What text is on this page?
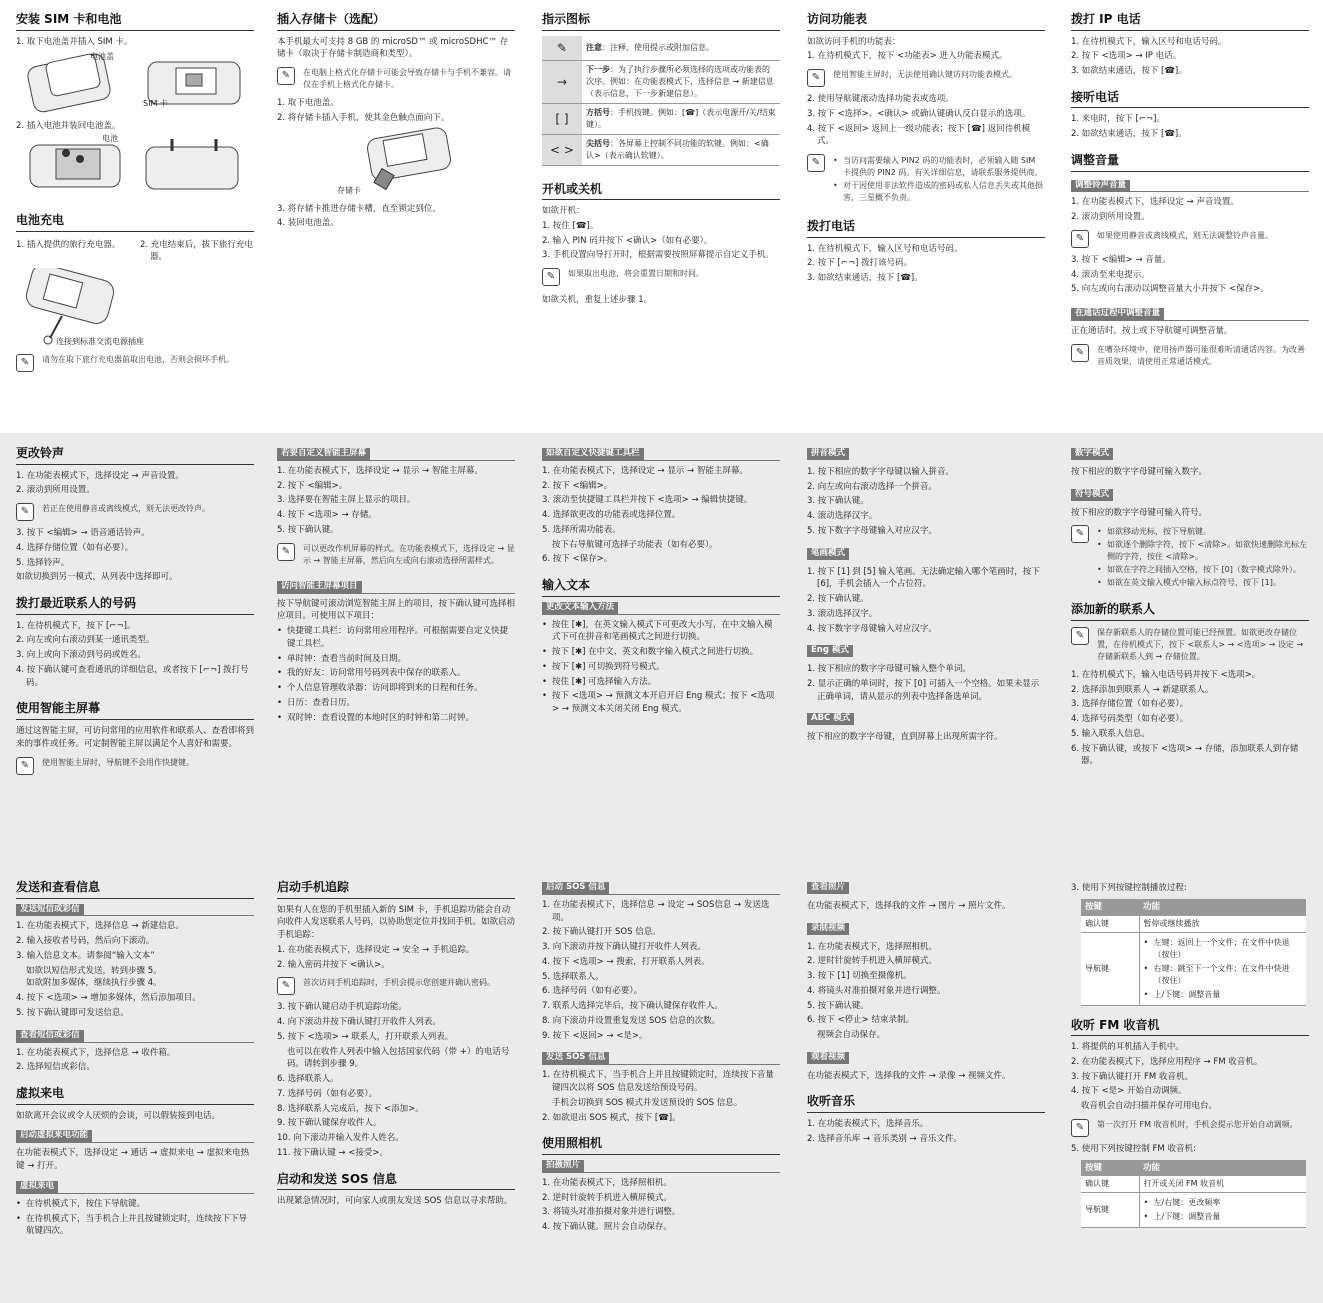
安装 SIM 卡和电池
1. 取下电池盖并插入 SIM 卡。
电池盖
SIM 卡
2. 插入电池并装回电池盖。
电池
电池充电
1. 插入提供的旅行充电器。	2. 充电结束后，拔下旅行充电器。
连接到标准交流电源插座
✎	请勿在取下旅行充电器前取出电池，否则会损坏手机。
插入存储卡（选配）
本手机最大可支持 8 GB 的 microSD™ 或 microSDHC™ 存储卡（取决于存储卡制造商和类型）。
✎	在电脑上格式化存储卡可能会导致存储卡与手机不兼容。请仅在手机上格式化存储卡。
1. 取下电池盖。
2. 将存储卡插入手机，使其金色触点面向下。
存储卡
3. 将存储卡推进存储卡槽，直至锁定到位。
4. 装回电池盖。
指示图标
✎	注意：注释、使用提示或附加信息。
→	下一步：为了执行步骤所必须选择的选项或功能表的次序。例如：在功能表模式下，选择信息 → 新建信息（表示信息，下一步新建信息）。
[ ]	方括号：手机按键。例如：[☎]（表示电源开/关/结束键）。
< >	尖括号：各屏幕上控制不同功能的软键。例如：<确认>（表示确认软键）。
开机或关机
如欲开机：
1. 按住 [☎]。
2. 输入 PIN 码并按下 <确认>（如有必要）。
3. 手机设置向导打开时，根据需要按照屏幕提示自定义手机。
✎	如果取出电池，将会重置日期和时间。
如欲关机，重复上述步骤 1。
访问功能表
如欲访问手机的功能表：
1. 在待机模式下，按下 <功能表> 进入功能表模式。
✎	使用智能主屏时，无法使用确认键访问功能表模式。
2. 使用导航键滚动选择功能表或选项。
3. 按下 <选择>、<确认> 或确认键确认反白显示的选项。
4. 按下 <返回> 返回上一级功能表；按下 [☎] 返回待机模式。
✎	• 当访问需要输入 PIN2 码的功能表时，必须输入随 SIM 卡提供的 PIN2 码。有关详细信息，请联系服务提供商。
• 对于因使用非法软件造成的密码或私人信息丢失或其他损害，三星概不负责。
拨打电话
1. 在待机模式下，输入区号和电话号码。
2. 按下 [⌐¬] 拨打该号码。
3. 如欲结束通话，按下 [☎]。
拨打 IP 电话
1. 在待机模式下，输入区号和电话号码。
2. 按下 <选项> → IP 电话。
3. 如欲结束通话，按下 [☎]。
接听电话
1. 来电时，按下 [⌐¬]。
2. 如欲结束通话，按下 [☎]。
调整音量
调整铃声音量
1. 在功能表模式下，选择设定 → 声音设置。
2. 滚动到所用设置。
✎	如果使用静音或离线模式，则无法调整铃声音量。
3. 按下 <编辑> → 音量。
4. 滚动至来电提示。
5. 向左或向右滚动以调整音量大小并按下 <保存>。
在通话过程中调整音量
正在通话时，按上或下导航键可调整音量。
✎	在嘈杂环境中，使用扬声器可能很难听清通话内容。为改善音质效果，请使用正常通话模式。
更改铃声
1. 在功能表模式下，选择设定 → 声音设置。
2. 滚动到所用设置。
✎	若正在使用静音或离线模式，则无法更改铃声。
3. 按下 <编辑> → 语音通话铃声。
4. 选择存储位置（如有必要）。
5. 选择铃声。
如欲切换到另一模式，从列表中选择即可。
拨打最近联系人的号码
1. 在待机模式下，按下 [⌐¬]。
2. 向左或向右滚动到某一通讯类型。
3. 向上或向下滚动到号码或姓名。
4. 按下确认键可查看通讯的详细信息，或者按下 [⌐¬] 拨打号码。
使用智能主屏幕
通过这智能主屏，可访问常用的应用软件和联系人、查看即将到来的事件或任务。可定制智能主屏以满足个人喜好和需要。
✎	使用智能主屏时，导航键不会用作快捷键。
若要自定义智能主屏幕
1. 在功能表模式下，选择设定 → 显示 → 智能主屏幕。
2. 按下 <编辑>。
3. 选择要在智能主屏上显示的项目。
4. 按下 <选项> → 存储。
5. 按下确认键。
✎	可以更改作机屏幕的样式。在功能表模式下，选择设定 → 显示 → 智能主屏幕，然后向左或向右滚动选择所需样式。
访问智能主屏幕项目
按下导航键可滚动浏览智能主屏上的项目，按下确认键可选择相应项目。可使用以下项目：
• 快捷键工具栏：访问常用应用程序。可根据需要自定义快捷键工具栏。
• 单时钟：查看当前时间及日期。
• 我的好友：访问常用号码列表中保存的联系人。
• 个人信息管理收录器：访问即将到来的日程和任务。
• 日历：查看日历。
• 双时钟：查看设置的本地时区的时钟和第二时钟。
如欲自定义快捷键工具栏
1. 在功能表模式下，选择设定 → 显示 → 智能主屏幕。
2. 按下 <编辑>。
3. 滚动至快捷键工具栏并按下 <选项> → 编辑快捷键。
4. 选择欲更改的功能表或选择位置。
5. 选择所需功能表。
按下右导航键可选择子功能表（如有必要）。
6. 按下 <保存>。
输入文本
更改文本输入方法
• 按住 [✱]，在英文输入模式下可更改大小写，在中文输入模式下可在拼音和笔画模式之间进行切换。
• 按下 [✱] 在中文、英文和数字输入模式之间进行切换。
• 按下 [✱] 可切换到符号模式。
• 按住 [✱] 可选择输入方法。
• 按下 <选项> → 预测文本开启开启 Eng 模式；按下 <选项> → 预测文本关闭关闭 Eng 模式。
拼音模式
1. 按下相应的数字字母键以输入拼音。
2. 向左或向右滚动选择一个拼音。
3. 按下确认键。
4. 滚动选择汉字。
5. 按下数字字母键输入对应汉字。
笔画模式
1. 按下 [1] 到 [5] 输入笔画。无法确定输入哪个笔画时，按下 [6]，手机会插入一个占位符。
2. 按下确认键。
3. 滚动选择汉字。
4. 按下数字字母键输入对应汉字。
Eng 模式
1. 按下相应的数字字母键可输入整个单词。
2. 显示正确的单词时，按下 [0] 可插入一个空格。如果未显示正确单词，请从显示的列表中选择备选单词。
ABC 模式
按下相应的数字字母键，直到屏幕上出现所需字符。
数字模式
按下相应的数字字母键可输入数字。
符号模式
按下相应的数字字母键可输入符号。
✎	• 如欲移动光标，按下导航键。
• 如欲逐个删除字符，按下 <清除>。如欲快速删除光标左侧的字符，按住 <清除>。
• 如欲在字符之间插入空格，按下 [0]（数字模式除外）。
• 如欲在英文输入模式中输入标点符号，按下 [1]。
添加新的联系人
✎	保存新联系人的存储位置可能已经预置。如欲更改存储位置，在待机模式下，按下 <联系人> → <选项> → 设定 → 存储新联系人到 → 存储位置。
1. 在待机模式下，输入电话号码并按下 <选项>。
2. 选择添加到联系人 → 新建联系人。
3. 选择存储位置（如有必要）。
4. 选择号码类型（如有必要）。
5. 输入联系人信息。
6. 按下确认键，或按下 <选项> → 存储，添加联系人到存储器。
发送和查看信息
发送短信或彩信
1. 在功能表模式下，选择信息 → 新建信息。
2. 输入接收者号码，然后向下滚动。
3. 输入信息文本。请参阅“输入文本”
如欲以短信形式发送，转到步骤 5。
如欲附加多媒体，继续执行步骤 4。
4. 按下 <选项> → 增加多媒体，然后添加项目。
5. 按下确认键即可发送信息。
查看短信或彩信
1. 在功能表模式下，选择信息 → 收件箱。
2. 选择短信或彩信。
虚拟来电
如欲离开会议或令人厌烦的会谈，可以假装接到电话。
启动虚拟来电功能
在功能表模式下，选择设定 → 通话 → 虚拟来电 → 虚拟来电热键 → 打开。
虚拟来电
• 在待机模式下，按住下导航键。
• 在待机模式下，当手机合上并且按键锁定时，连续按下下导航键四次。
启动手机追踪
如果有人在您的手机里插入新的 SIM 卡，手机追踪功能会自动向收件人发送联系人号码，以协助您定位并找回手机。如欲启动手机追踪：
1. 在功能表模式下，选择设定 → 安全 → 手机追踪。
2. 输入密码并按下 <确认>。
✎	首次访问手机追踪时，手机会提示您创建并确认密码。
3. 按下确认键启动手机追踪功能。
4. 向下滚动并按下确认键打开收件人列表。
5. 按下 <选项> → 联系人，打开联系人列表。
也可以在收件人列表中输入包括国家代码（带 +）的电话号码。请转到步骤 9。
6. 选择联系人。
7. 选择号码（如有必要）。
8. 选择联系人完成后，按下 <添加>。
9. 按下确认键保存收件人。
10. 向下滚动并输入发件人姓名。
11. 按下确认键 → <接受>。
启动和发送 SOS 信息
出现紧急情况时，可向家人或朋友发送 SOS 信息以寻求帮助。
启动 SOS 信息
1. 在功能表模式下，选择信息 → 设定 → SOS信息 → 发送选项。
2. 按下确认键打开 SOS 信息。
3. 向下滚动并按下确认键打开收件人列表。
4. 按下 <选项> → 搜索，打开联系人列表。
5. 选择联系人。
6. 选择号码（如有必要）。
7. 联系人选择完毕后，按下确认键保存收件人。
8. 向下滚动并设置重复发送 SOS 信息的次数。
9. 按下 <返回> → <是>。
发送 SOS 信息
1. 在待机模式下，当手机合上并且按键锁定时，连续按下音量键四次以将 SOS 信息发送给预设号码。
手机会切换到 SOS 模式并发送预设的 SOS 信息。
2. 如欲退出 SOS 模式，按下 [☎]。
使用照相机
拍摄照片
1. 在功能表模式下，选择照相机。
2. 逆时针旋转手机进入横屏模式。
3. 将镜头对准拍摄对象并进行调整。
4. 按下确认键。照片会自动保存。
查看照片
在功能表模式下，选择我的文件 → 图片 → 照片文件。
录制视频
1. 在功能表模式下，选择照相机。
2. 逆时针旋转手机进入横屏模式。
3. 按下 [1] 切换至摄像机。
4. 将镜头对准拍摄对象并进行调整。
5. 按下确认键。
6. 按下 <停止> 结束录制。
视频会自动保存。
观看视频
在功能表模式下，选择我的文件 → 录像 → 视频文件。
收听音乐
1. 在功能表模式下，选择音乐。
2. 选择音乐库 → 音乐类别 → 音乐文件。
3. 使用下列按键控制播放过程:
按键	功能
确认键	暂停或继续播放
导航键	• 左键：返回上一个文件；在文件中快退（按住）
• 右键：跳至下一个文件；在文件中快进（按住）
• 上/下键：调整音量
收听 FM 收音机
1. 将提供的耳机插入手机中。
2. 在功能表模式下，选择应用程序 → FM 收音机。
3. 按下确认键打开 FM 收音机。
4. 按下 <是> 开始自动调频。
收音机会自动扫描并保存可用电台。
✎	第一次打开 FM 收音机时，手机会提示您开始自动调频。
5. 使用下列按键控制 FM 收音机:
按键	功能
确认键	打开或关闭 FM 收音机
导航键	• 左/右键：更改频率
• 上/下键：调整音量
